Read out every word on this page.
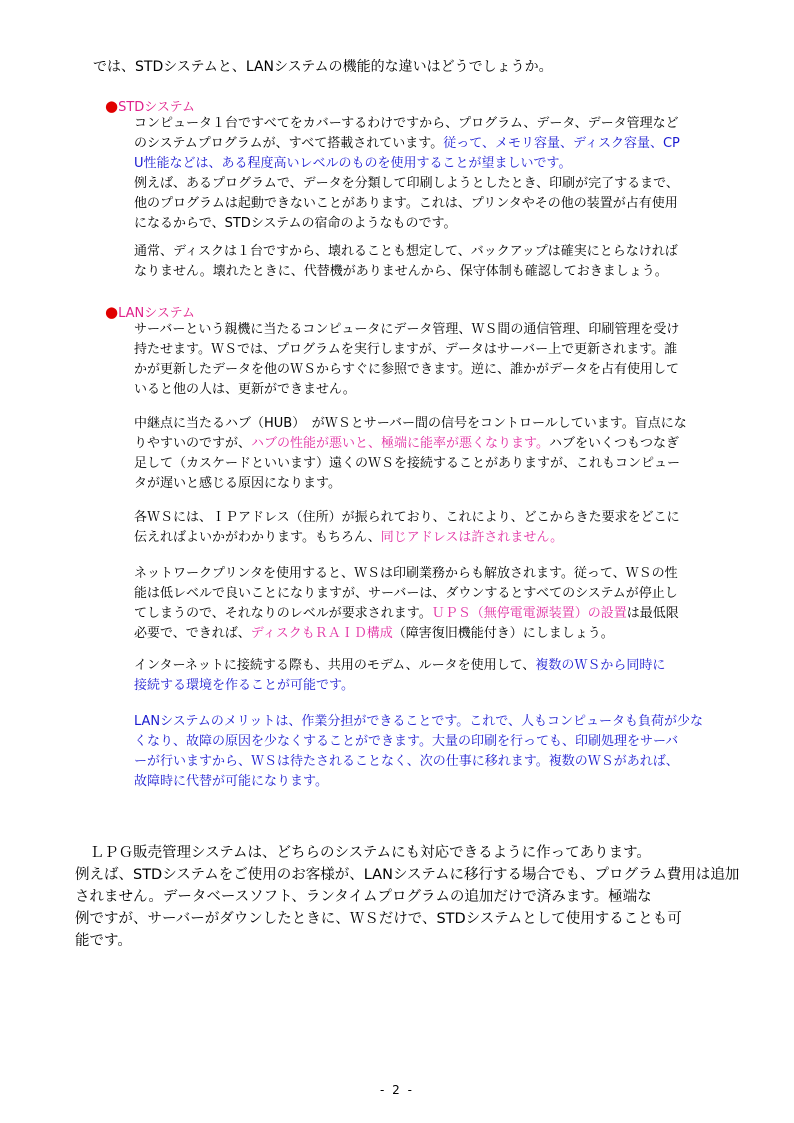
では、STDシステムと、LANシステムの機能的な違いはどうでしょうか。
●STDシステム

コンピュータ１台ですべてをカバーするわけですから、プログラム、データ、データ管理など

のシステムプログラムが、すべて搭載されています。従って、メモリ容量、ディスク容量、CP

U性能などは、ある程度高いレベルのものを使用することが望ましいです。

例えば、あるプログラムで、データを分類して印刷しようとしたとき、印刷が完了するまで、

他のプログラムは起動できないことがあります。これは、プリンタやその他の装置が占有使用

になるからで、STDシステムの宿命のようなものです。

通常、ディスクは１台ですから、壊れることも想定して、バックアップは確実にとらなければ

なりません。壊れたときに、代替機がありませんから、保守体制も確認しておきましょう。

●LANシステム

サーバーという親機に当たるコンピュータにデータ管理、ＷＳ間の通信管理、印刷管理を受け

持たせます。ＷＳでは、プログラムを実行しますが、データはサーバー上で更新されます。誰

かが更新したデータを他のＷＳからすぐに参照できます。逆に、誰かがデータを占有使用して

いると他の人は、更新ができません。

中継点に当たるハブ（HUB）　がＷＳとサーバー間の信号をコントロールしています。盲点にな

りやすいのですが、ハブの性能が悪いと、極端に能率が悪くなります。ハブをいくつもつなぎ

足して（カスケードといいます）遠くのＷＳを接続することがありますが、これもコンピュー

タが遅いと感じる原因になります。

各ＷＳには、ＩＰアドレス（住所）が振られており、これにより、どこからきた要求をどこに

伝えればよいかがわかります。もちろん、同じアドレスは許されません。

ネットワークプリンタを使用すると、ＷＳは印刷業務からも解放されます。従って、ＷＳの性

能は低レベルで良いことになりますが、サーバーは、ダウンするとすべてのシステムが停止し

てしまうので、それなりのレベルが要求されます。ＵＰＳ（無停電電源装置）の設置は最低限

必要で、できれば、ディスクもＲＡＩＤ構成（障害復旧機能付き）にしましょう。

インターネットに接続する際も、共用のモデム、ルータを使用して、複数のＷＳから同時に

接続する環境を作ることが可能です。

LANシステムのメリットは、作業分担ができることです。これで、人もコンピュータも負荷が少な

くなり、故障の原因を少なくすることができます。大量の印刷を行っても、印刷処理をサーバ

ーが行いますから、ＷＳは待たされることなく、次の仕事に移れます。複数のＷＳがあれば、

故障時に代替が可能になります。

　ＬＰＧ販売管理システムは、どちらのシステムにも対応できるように作ってあります。

例えば、STDシステムをご使用のお客様が、LANシステムに移行する場合でも、プログラム費用は追加

されません。データベースソフト、ランタイムプログラムの追加だけで済みます。極端な

例ですが、サーバーがダウンしたときに、ＷＳだけで、STDシステムとして使用することも可

能です。

- 2 -
